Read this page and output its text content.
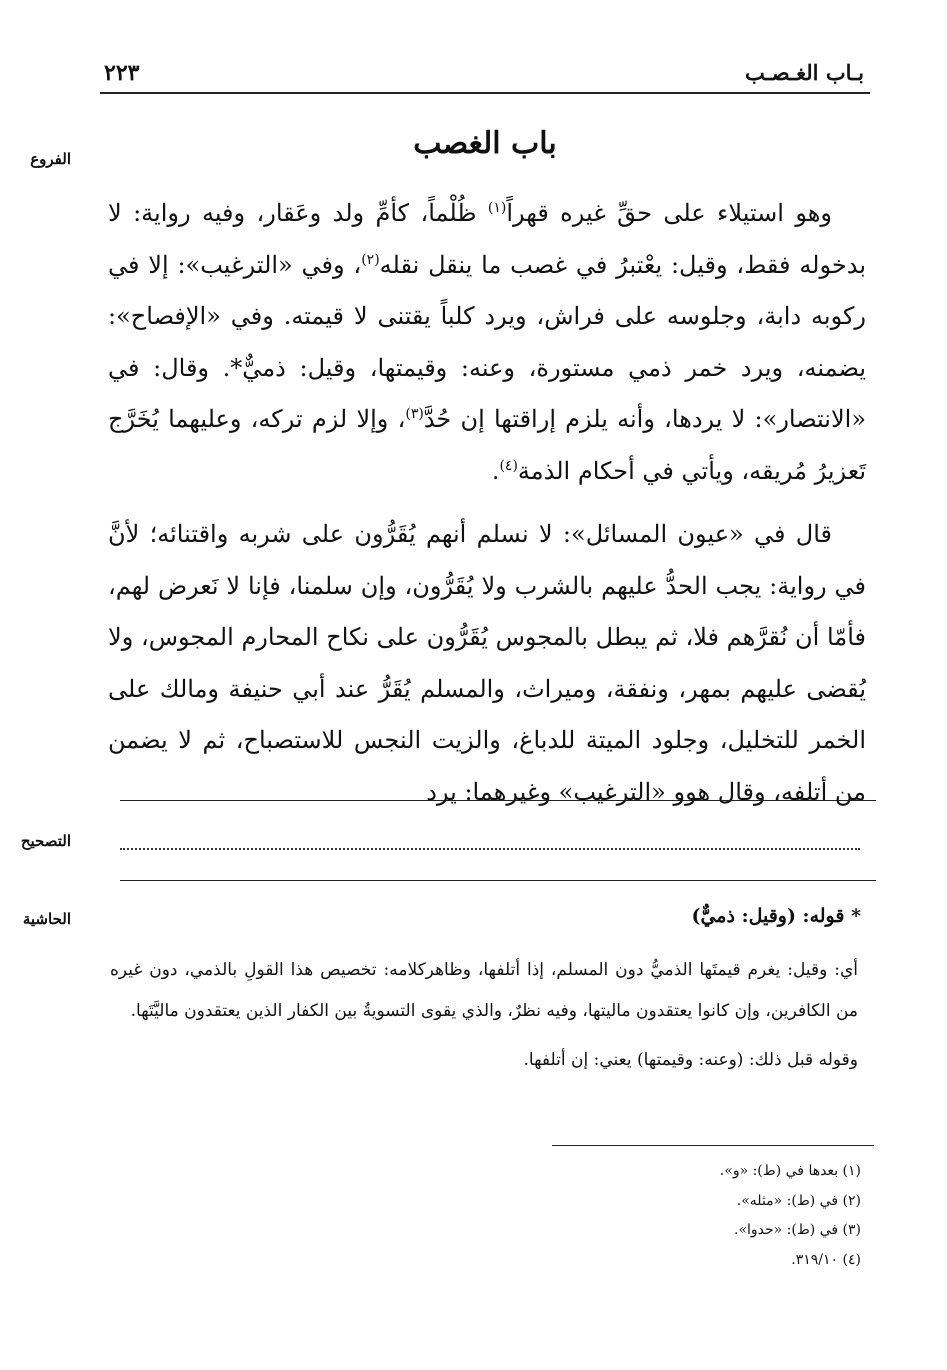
بـاب الغـصـب
٢٢٣
الفروع	باب الغصب

وهو استيلاء على حقِّ غيره قهراً$^{(١)}$ ظُلْماً، كأمِّ ولد وعَقار، وفيه رواية: لا بدخوله فقط، وقيل: يعْتبرُ في غصب ما ينقل نقله$^{(٢)}$، وفي «الترغيب»: إلا في ركوبه دابة، وجلوسه على فراش، ويرد كلباً يقتنى لا قيمته. وفي «الإفصاح»: يضمنه، ويرد خمر ذمي مستورة، وعنه: وقيمتها، وقيل: ذميٌّ*. وقال: في «الانتصار»: لا يردها، وأنه يلزم إراقتها إن حُدَّ$^{(٣)}$، وإلا لزم تركه، وعليهما يُخَرَّج تَعزيرُ مُريقه، ويأتي في أحكام الذمة$^{(٤)}$.

قال في «عيون المسائل»: لا نسلم أنهم يُقَرُّون على شربه واقتنائه؛ لأنَّ في رواية: يجب الحدُّ عليهم بالشرب ولا يُقَرُّون، وإن سلمنا، فإنا لا نَعرض لهم، فأمّا أن نُقرَّهم فلا، ثم يبطل بالمجوس يُقَرُّون على نكاح المحارم المجوس، ولا يُقضى عليهم بمهر، ونفقة، وميراث، والمسلم يُقَرُّ عند أبي حنيفة ومالك على الخمر للتخليل، وجلود الميتة للدباغ، والزيت النجس للاستصباح، ثم لا يضمن من أتلفه، وقال هوو «الترغيب» وغيرهما: يرد

التصحيح
الحاشية	* قوله: (وقيل: ذميٌّ)

أي: وقيل: يغرم قيمتَها الذميُّ دون المسلم، إذا أتلفها، وظاهركلامه: تخصيص هذا القولِ بالذمي، دون غيره من الكافرين، وإن كانوا يعتقدون ماليتها، وفيه نظرٌ، والذي يقوى التسويةُ بين الكفار الذين يعتقدون ماليَّتَها.

وقوله قبل ذلك: (وعنه: وقيمتها) يعني: إن أتلفها.

(١) بعدها في (ط): «و».
(٢) في (ط): «مثله».
(٣) في (ط): «حدوا».
(٤) ٣١٩/١٠.
